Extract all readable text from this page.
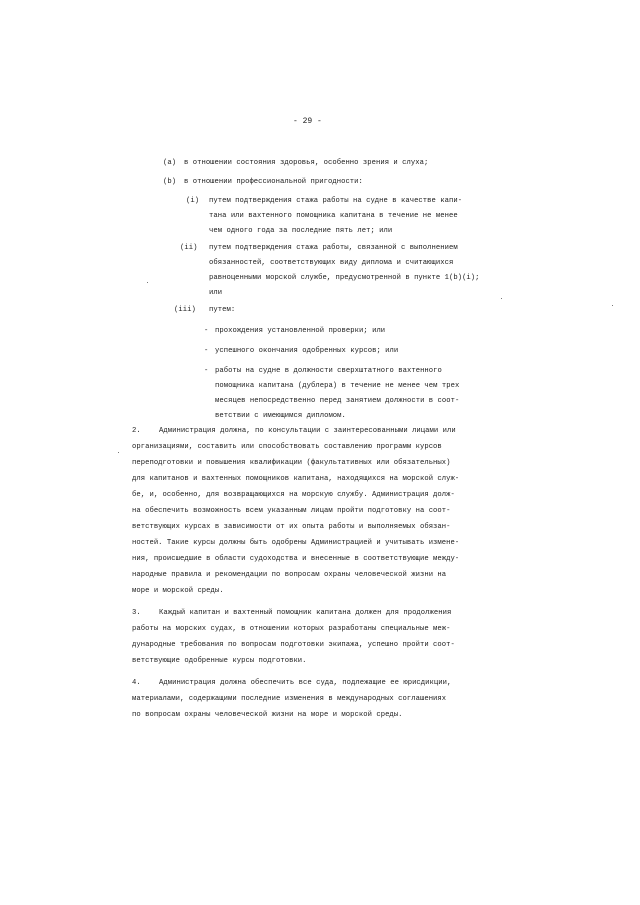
- 29 -
(a) в отношении состояния здоровья, особенно зрения и слуха;
(b) в отношении профессиональной пригодности:
(i) путем подтверждения стажа работы на судне в качестве капи-
тана или вахтенного помощника капитана в течение не менее
чем одного года за последние пять лет; или
(ii) путем подтверждения стажа работы, связанной с выполнением
обязанностей, соответствующих виду диплома и считающихся
равноценными морской службе, предусмотренной в пункте 1(b)(i);
или
(iii) путем:
- прохождения установленной проверки; или
- успешного окончания одобренных курсов; или
- работы на судне в должности сверхштатного вахтенного
помощника капитана (дублера) в течение не менее чем трех
месяцев непосредственно перед занятием должности в соот-
ветствии с имеющимся дипломом.
2.	Администрация должна, по консультации с заинтересованными лицами или
организациями, составить или способствовать составлению программ курсов
переподготовки и повышения квалификации (факультативных или обязательных)
для капитанов и вахтенных помощников капитана, находящихся на морской служ-
бе, и, особенно, для возвращающихся на морскую службу. Администрация долж-
на обеспечить возможность всем указанным лицам пройти подготовку на соот-
ветствующих курсах в зависимости от их опыта работы и выполняемых обязан-
ностей. Такие курсы должны быть одобрены Администрацией и учитывать измене-
ния, происшедшие в области судоходства и внесенные в соответствующие между-
народные правила и рекомендации по вопросам охраны человеческой жизни на
море и морской среды.
3.	Каждый капитан и вахтенный помощник капитана должен для продолжения
работы на морских судах, в отношении которых разработаны специальные меж-
дународные требования по вопросам подготовки экипажа, успешно пройти соот-
ветствующие одобренные курсы подготовки.
4.	Администрация должна обеспечить все суда, подлежащие ее юрисдикции,
материалами, содержащими последние изменения в международных соглашениях
по вопросам охраны человеческой жизни на море и морской среды.
